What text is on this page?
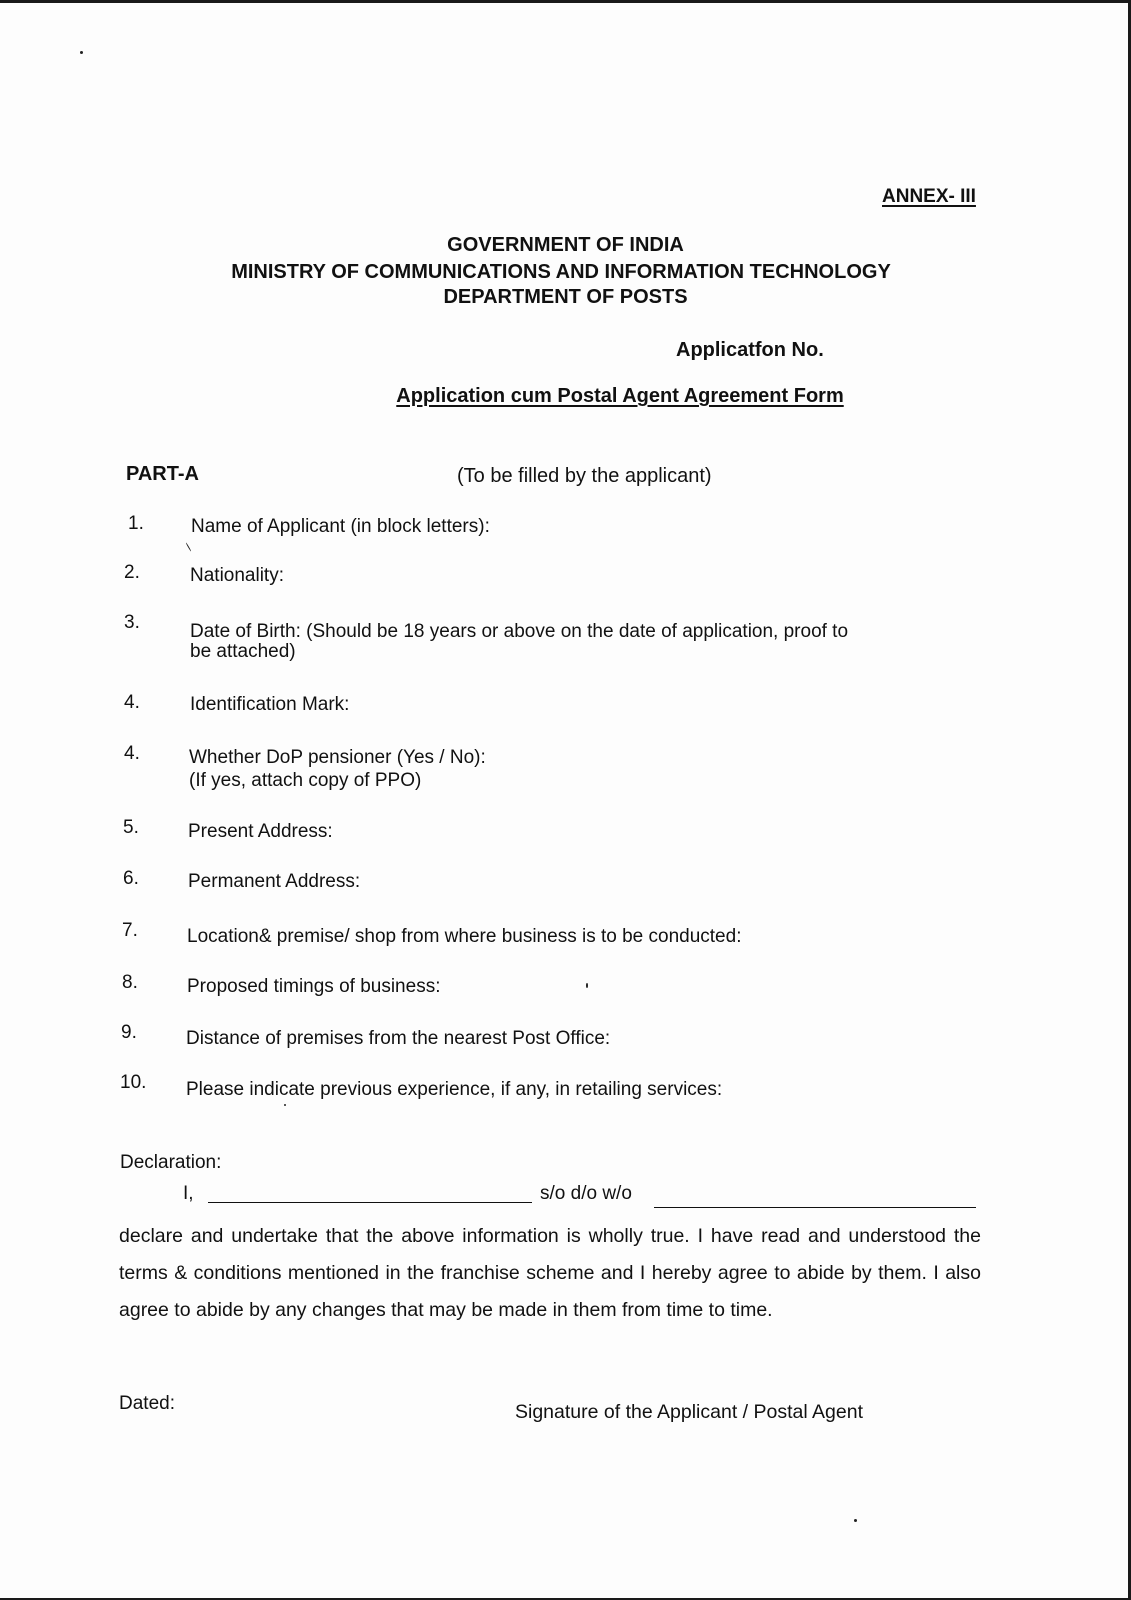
ANNEX- III
GOVERNMENT OF INDIA
MINISTRY OF COMMUNICATIONS AND INFORMATION TECHNOLOGY
DEPARTMENT OF POSTS
Applicatfon No.
Application cum Postal Agent Agreement Form
PART-A	(To be filled by the applicant)
1. Name of Applicant (in block letters):
2.	Nationality:
3.	Date of Birth: (Should be 18 years or above on the date of application, proof to
be attached)
4.	Identification Mark:
4.	Whether DoP pensioner (Yes / No):
(If yes, attach copy of PPO)
5.	Present Address:
6.	Permanent Address:
7.	Location& premise/ shop from where business is to be conducted:
8.	Proposed timings of business:
9.	Distance of premises from the nearest Post Office:
10. Please indicate previous experience, if any, in retailing services:
Declaration:
I,	s/o d/o w/o
declare and undertake that the above information is wholly true. I have read and understood the terms & conditions mentioned in the franchise scheme and I hereby agree to abide by them. I also agree to abide by any changes that may be made in them from time to time.
Dated:	Signature of the Applicant / Postal Agent
